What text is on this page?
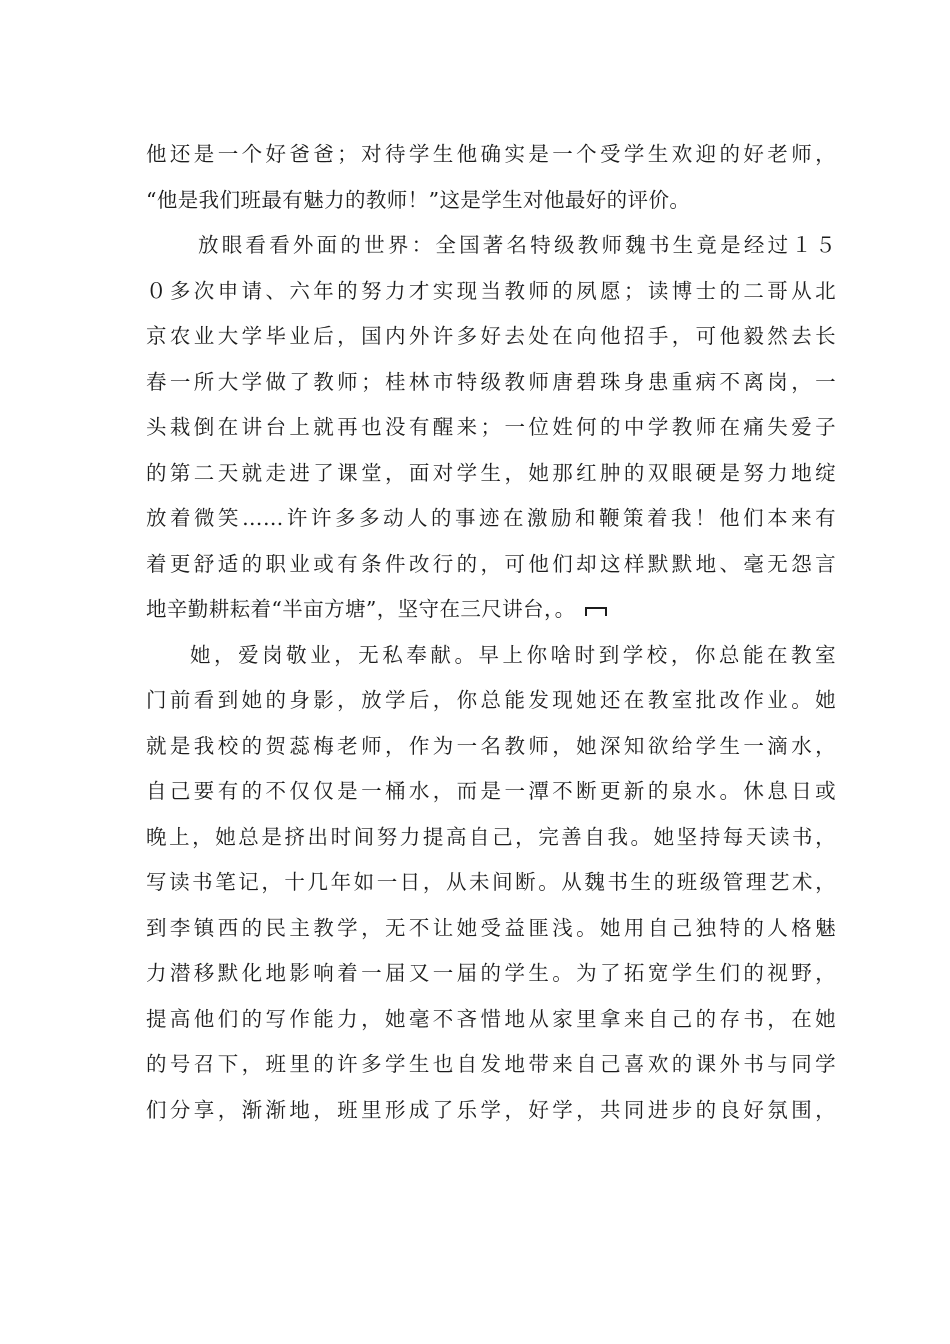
他还是一个好爸爸；对待学生他确实是一个受学生欢迎的好老师，
“他是我们班最有魅力的教师！”这是学生对他最好的评价。
放眼看看外面的世界：全国著名特级教师魏书生竟是经过１５
０多次申请、六年的努力才实现当教师的夙愿；读博士的二哥从北
京农业大学毕业后，国内外许多好去处在向他招手，可他毅然去长
春一所大学做了教师；桂林市特级教师唐碧珠身患重病不离岗，一
头栽倒在讲台上就再也没有醒来；一位姓何的中学教师在痛失爱子
的第二天就走进了课堂，面对学生，她那红肿的双眼硬是努力地绽
放着微笑……许许多多动人的事迹在激励和鞭策着我！他们本来有
着更舒适的职业或有条件改行的，可他们却这样默默地、毫无怨言
地辛勤耕耘着“半亩方塘”，坚守在三尺讲台，。
她，爱岗敬业，无私奉献。早上你啥时到学校，你总能在教室
门前看到她的身影，放学后，你总能发现她还在教室批改作业。她
就是我校的贺蕊梅老师，作为一名教师，她深知欲给学生一滴水，
自己要有的不仅仅是一桶水，而是一潭不断更新的泉水。休息日或
晚上，她总是挤出时间努力提高自己，完善自我。她坚持每天读书，
写读书笔记，十几年如一日，从未间断。从魏书生的班级管理艺术，
到李镇西的民主教学，无不让她受益匪浅。她用自己独特的人格魅
力潜移默化地影响着一届又一届的学生。为了拓宽学生们的视野，
提高他们的写作能力，她毫不吝惜地从家里拿来自己的存书，在她
的号召下，班里的许多学生也自发地带来自己喜欢的课外书与同学
们分享，渐渐地，班里形成了乐学，好学，共同进步的良好氛围，
